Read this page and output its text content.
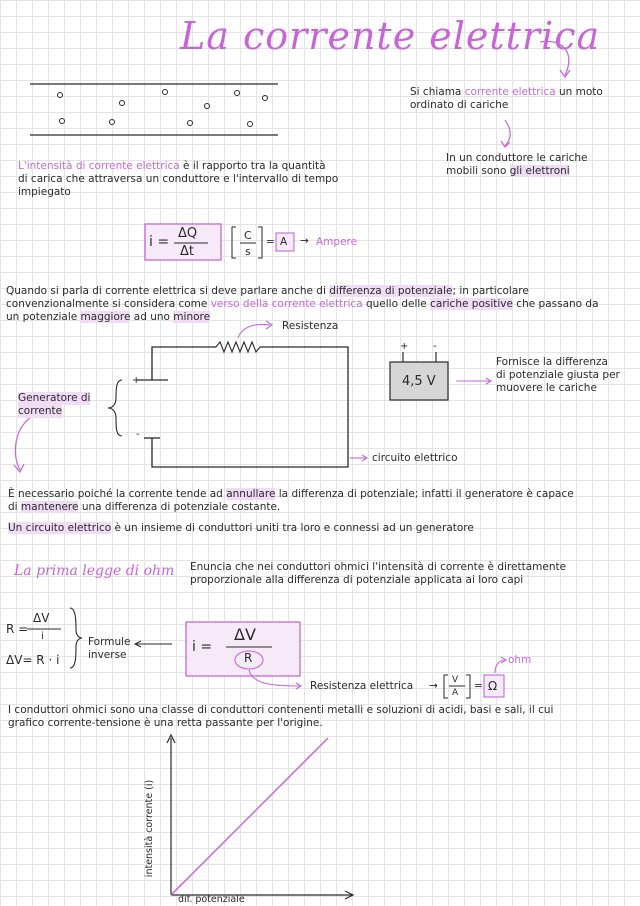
La corrente elettrica
Si chiama corrente elettrica un moto
ordinato di cariche
In un conduttore le cariche
mobili sono gli elettroni
L'intensità di corrente elettrica è il rapporto tra la quantità
di carica che attraversa un conduttore e l'intervallo di tempo
impiegato
i =
ΔQ
Δt
C
s
= A → Ampere
Quando si parla di corrente elettrica si deve parlare anche di differenza di potenziale; in particolare
convenzionalmente si considera come verso della corrente elettrica quello delle cariche positive che passano da
un potenziale maggiore ad uno minore
Resistenza
Generatore di
corrente
+
-
circuito elettrico
+ -
4,5 V
Fornisce la differenza
di potenziale giusta per
muovere le cariche
È necessario poiché la corrente tende ad annullare la differenza di potenziale; infatti il generatore è capace
di mantenere una differenza di potenziale costante.
Un circuito elettrico è un insieme di conduttori uniti tra loro e connessi ad un generatore
La prima legge di ohm Enuncia che nei conduttori ohmici l'intensità di corrente è direttamente
proporzionale alla differenza di potenziale applicata ai loro capi
R =
ΔV
i
ΔV= R · i
Formule
inverse	i =
ΔV
R
Resistenza elettrica → V
A
= Ω
ohm
I conduttori ohmici sono una classe di conduttori contenenti metalli e soluzioni di acidi, basi e sali, il cui
grafico corrente-tensione è una retta passante per l'origine.
intensità corrente (i)
dif. potenziale
